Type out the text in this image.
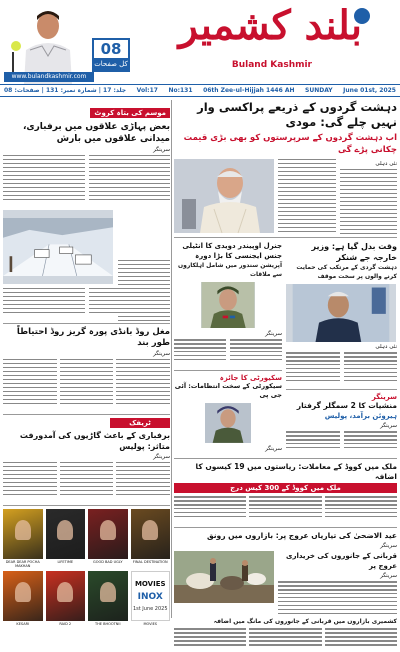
08
کل صفحات
www.bulandkashmir.com
بلند کشمیر
Buland Kashmir
جلد: 17 | شمارہ نمبر: 131 | صفحات: 08 Vol:17 No:131 06th Zee-ul-Hijjah 1446 AH SUNDAY June 01st, 2025
موسم کی بتاہ کروٹ
بعض پہاڑی علاقوں میں برفباری، میدانی علاقوں میں بارش
سرینگر
مغل روڈ بانڈی پورہ گریز روڈ احتیاطاً طور بند
سرینگر
ٹریفک
برفباری کے باعث گاڑیوں کی آمدورفت متاثر: پولیس
سرینگر
DEAR DEAR POCHA MAKHAN
LIFETIME	GOOD BAD UGLY	FINAL DESTINATION
KESARI	RAID 2	THE BHOOTNII
MOVIES
INOX
1st June 2025
MOVIES
دہشت گردوں کے ذریعے پراکسی وار نہیں چلے گی: مودی
اب دہشت گردوں کے سرپرستوں کو بھی بڑی قیمت چکانی پڑے گی
نئی دہلی
جنرل اوپیندر دویدی کا انٹیلی جنس ایجنسی کا بڑا دورہ
آپریشن سندور میں شامل اہلکاروں سے ملاقات
سرینگر
سکیورٹی کا جائزہ
سیکورٹی کے سخت انتظامات: آئی جی پی
سرینگر
وقت بدل گیا ہے: وزیر خارجہ جے شنکر
دہشت گردی کے مرتکب کی حمایت کرنے والوں پر سخت موقف
نئی دہلی
سرینگر
منشیات کا 2 سمگلر گرفتار
ہیروئن برآمد، پولیس
سرینگر
ملک میں کووڈ کے معاملات: ریاستوں میں 19 کیسوں کا اضافہ
ملک میں کووڈ کے 300 کیس درج
عید الاضحیٰ کی تیاریاں عروج پر: بازاروں میں رونق
سرینگر
قربانی کے جانوروں کی خریداری عروج پر
سرینگر
کشمیری بازاروں میں قربانی کے جانوروں کی مانگ میں اضافہ
